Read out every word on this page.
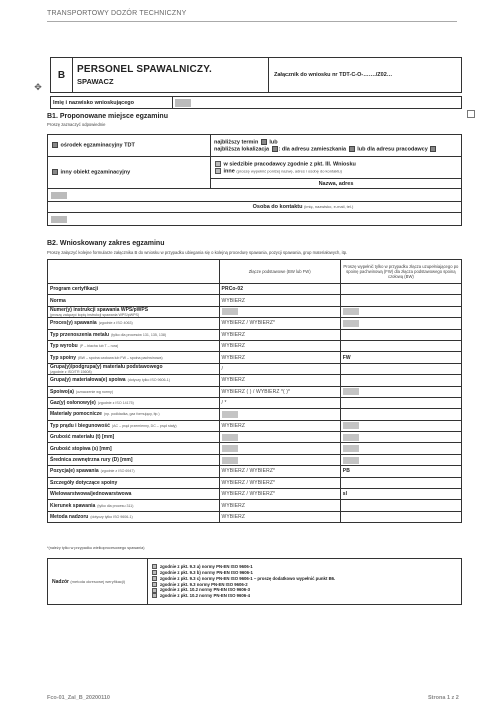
TRANSPORTOWY DOZÓR TECHNICZNY
B	PERSONEL SPAWALNICZY.
SPAWACZ
	Załącznik do wniosku nr TDT-C-O-……./Z02…
✥
Imię i nazwisko wnioskującego	
B1. Proponowane miejsce egzaminu
Proszę zaznaczyć odpowiednie
ośrodek egzaminacyjny TDT	najbliższy termin lub
najbliższa lokalizacja : dla adresu zamieszkania lub dla adresu pracodawcy

inny obiekt egzaminacyjny	w siedzibie pracodawcy zgodnie z pkt. III. Wniosku
inne (proszę wypełnić poniżej nazwę, adres i osobę do kontaktu)

	Nazwa, adres

Osoba do kontaktu (imię, nazwisko, e-mail, tel.)	

B2. Wnioskowany zakres egzaminu
Proszę załączyć kolejne formularze załącznika B do wniosku w przypadku ubiegania się o kolejną procedurę spawania, pozycji spawania, grup materiałowych, itp.
	Złącze podstawowe (BW lub FW)	Proszę wypełnić tylko w przypadku złącza uzupełniającego po spoinę pachwinową (FW) dla złącza podstawowego spoiną czołową (BW)
Program certyfikacji	PRCo-02	
Norma	WYBIERZ	
Numer(y) instrukcji spawania WPS/pWPS
(proszę załączyć kopię instrukcji spawania WPS/pWPS)		

Proces(y) spawania (zgodnie z ISO 4063)	WYBIERZ / WYBIERZ*	
Typ przenoszenia metalu (tylko dla procesów 131, 135, 138)	WYBIERZ	
Typ wyrobu (P – blacha lub T – rura)	WYBIERZ	
Typ spoiny (BW – spoina czołowa lub FW – spoina pachwinowa)	WYBIERZ	FW
Grupa(y)/podgrupa(y) materiału podstawowego
(zgodnie z ISO/TR 15608)	/	
Grupa(y) materiałowa(e) spoiwa (dotyczy tylko ISO 9606-1)	WYBIERZ	
Spoiwo(a) (oznaczenie wg normy)	WYBIERZ ( ) / WYBIERZ *( )*	
Gaz(y) osłonowy(e) (zgodnie z ISO 14175)	/ *	
Materiały pomocnicze (np. podkładka, gaz formujący, itp.)		
Typ prądu i biegunowość (AC – prąd przemienny, DC – prąd stały)	WYBIERZ	
Grubość materiału (t) [mm]		
Grubość stopiwa (s) [mm]		
Średnica zewnętrzna rury (D) [mm]		
Pozycja(e) spawania (zgodnie z ISO 6947)	WYBIERZ / WYBIERZ*	PB
Szczegóły dotyczące spoiny	WYBIERZ / WYBIERZ*	
Wielowarstwowa/jednowarstwowa	WYBIERZ / WYBIERZ*	sl
Kierunek spawania (tylko dla procesu 311)	WYBIERZ	
Metoda nadzoru (dotyczy tylko ISO 9606-1)	WYBIERZ	
*(należy tylko w przypadku wielkoprocesowego spawania)
Nadzór (metoda okresowej weryfikacji)	
zgodnie z pkt. 9.3 a) normy PN-EN ISO 9606-1
zgodnie z pkt. 9.3 b) normy PN-EN ISO 9606-1
zgodnie z pkt. 9.3 c) normy PN-EN ISO 9606-1 – proszę dodatkowo wypełnić punkt B6.
zgodnie z pkt. 9.3 normy PN-EN ISO 9606-2
zgodnie z pkt. 10.2 normy PN-EN ISO 9606-3
zgodnie z pkt. 10.2 normy PN-EN ISO 9606-4
Fco-01_Zal_B_20200110	Strona 1 z 2
